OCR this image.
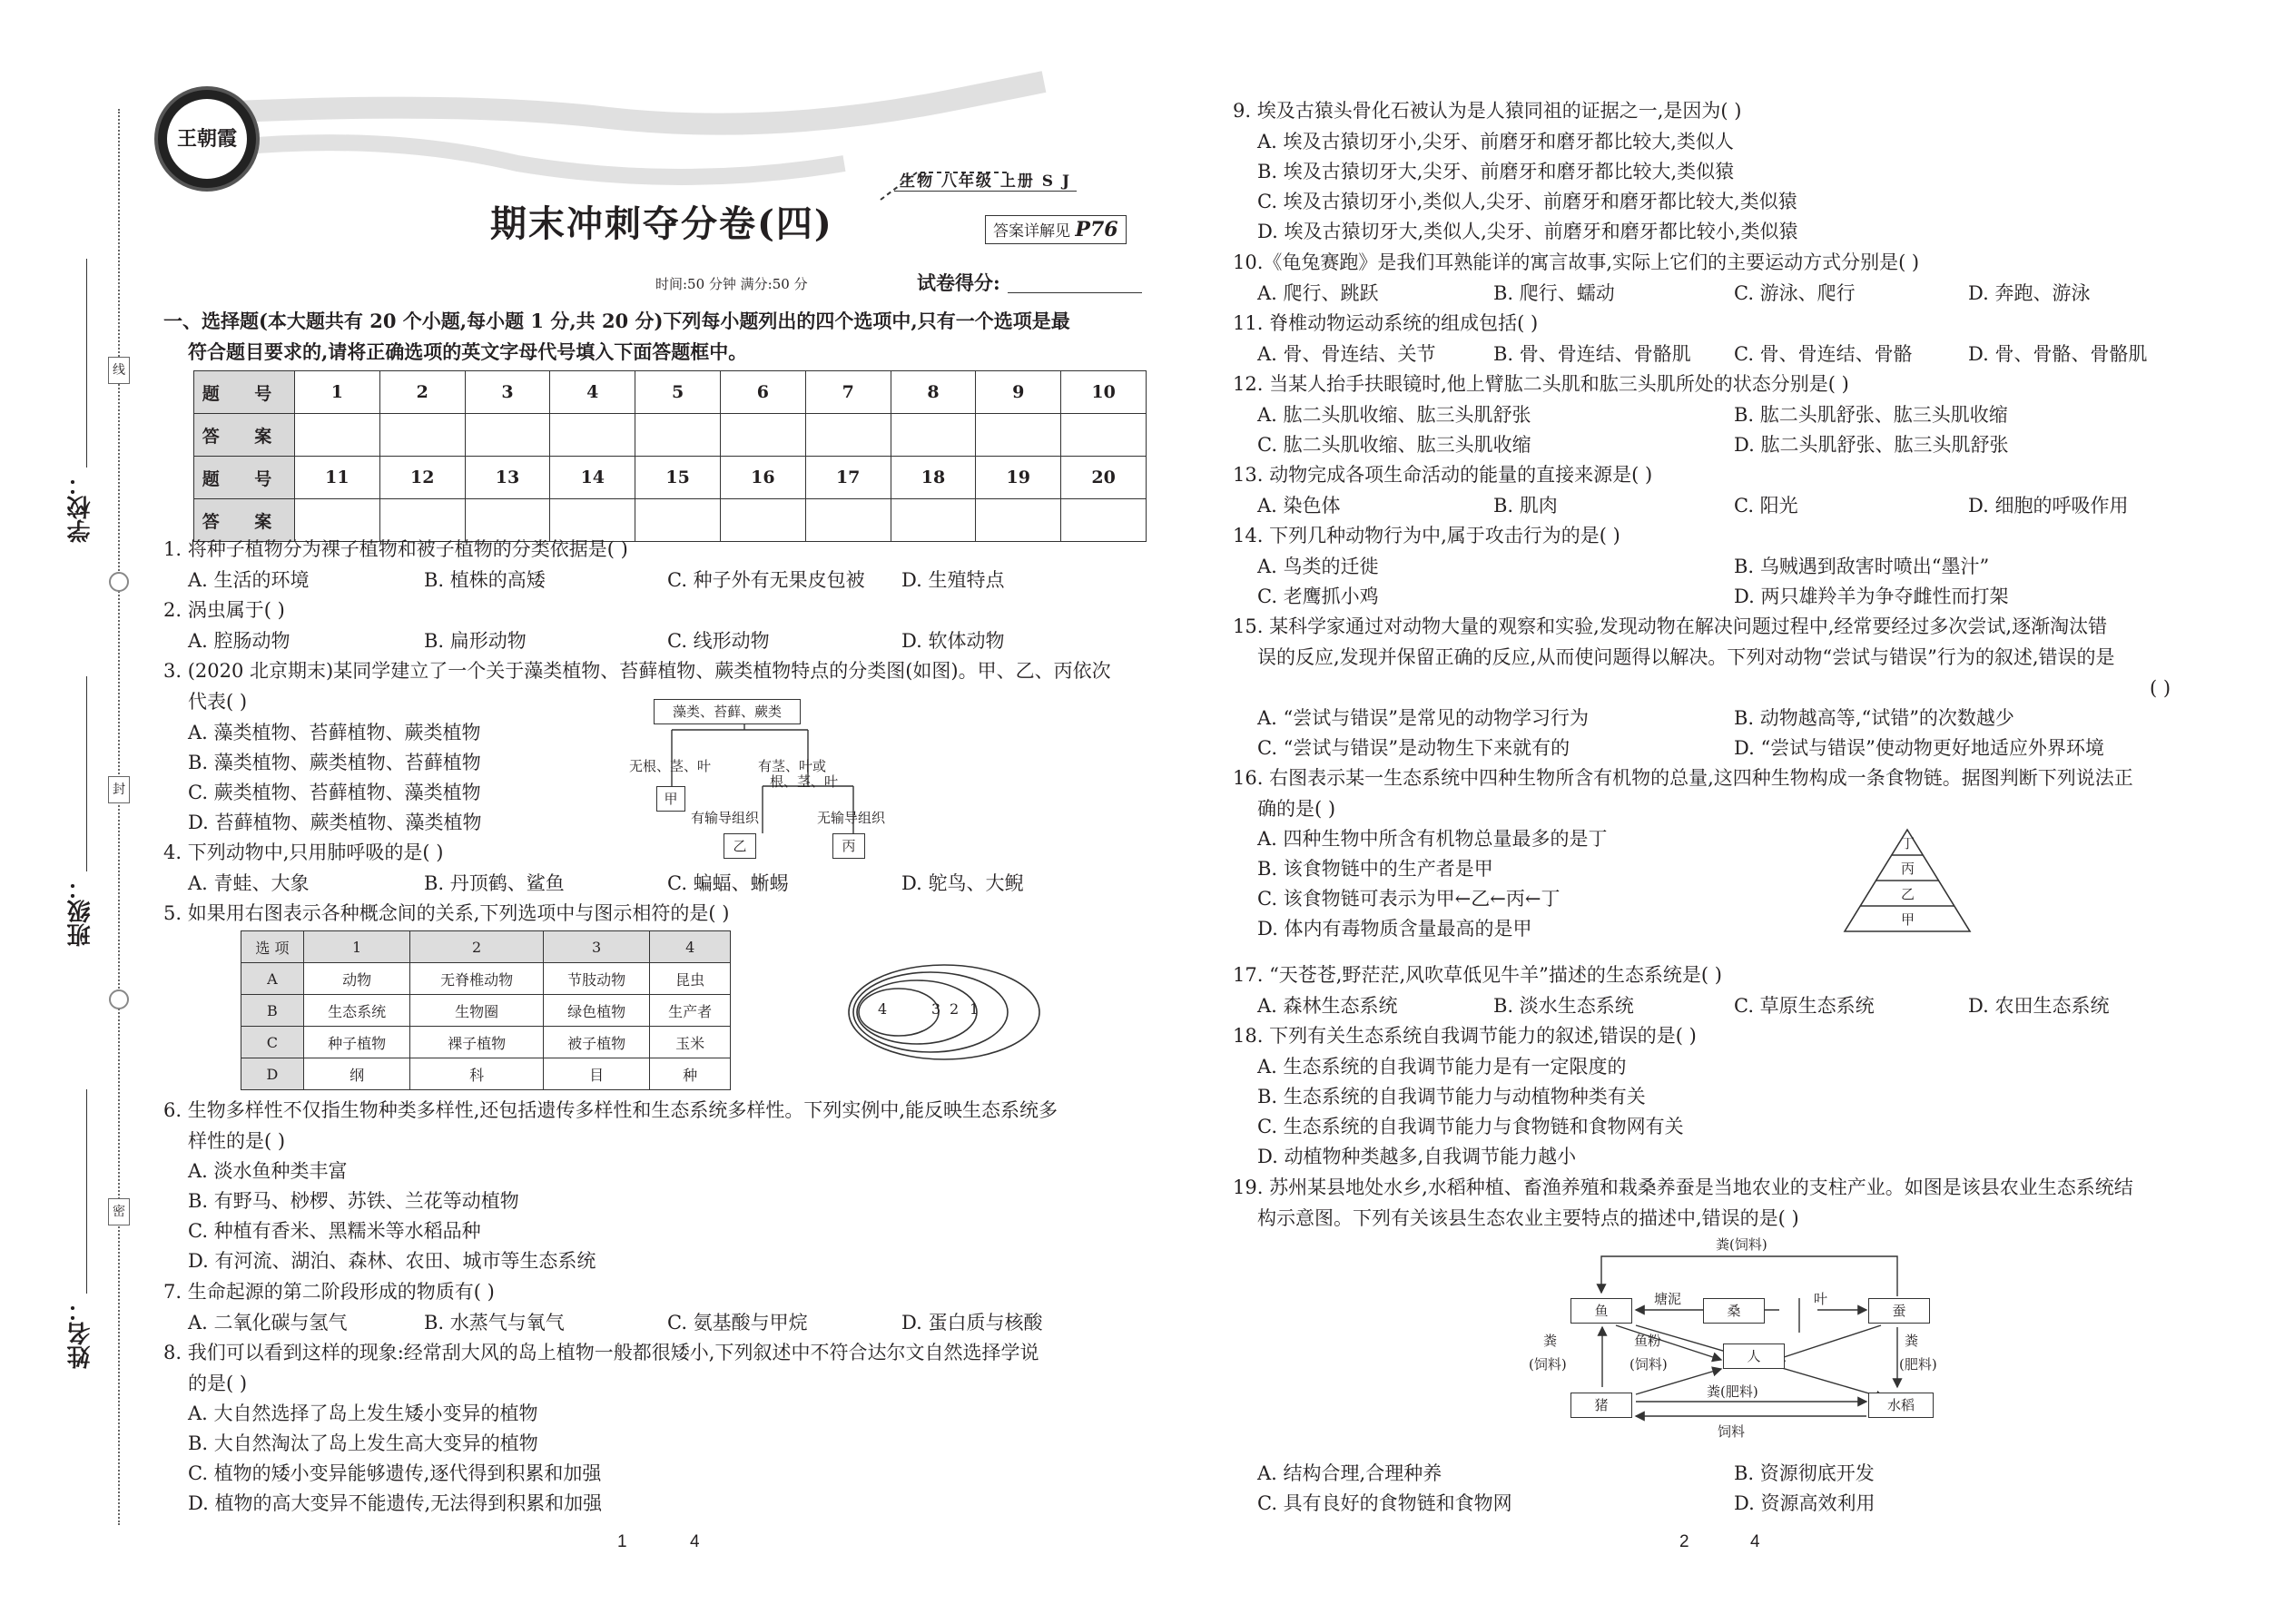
线
封
密
学校：
班级：
姓名：
王朝霞
生物 八年级 上册 S J
期末冲刺夺分卷(四)	答案详解见 P76
时间:50 分钟 满分:50 分	试卷得分:
一、选择题(本大题共有 20 个小题,每小题 1 分,共 20 分)下列每小题列出的四个选项中,只有一个选项是最
符合题目要求的,请将正确选项的英文字母代号填入下面答题框中。
题 号	1	2	3	4	5	6	7	8	9	10
答 案										
题 号	11	12	13	14	15	16	17	18	19	20
答 案										
1. 将种子植物分为裸子植物和被子植物的分类依据是( )
A. 生活的环境	B. 植株的高矮	C. 种子外有无果皮包被 D. 生殖特点
2. 涡虫属于( )
A. 腔肠动物	B. 扁形动物	C. 线形动物	D. 软体动物
3. (2020 北京期末)某同学建立了一个关于藻类植物、苔藓植物、蕨类植物特点的分类图(如图)。甲、乙、丙依次
代表( )
A. 藻类植物、苔藓植物、蕨类植物
B. 藻类植物、蕨类植物、苔藓植物
C. 蕨类植物、苔藓植物、藻类植物
D. 苔藓植物、蕨类植物、藻类植物
藻类、苔藓、蕨类
无根、茎、叶	有茎、叶或
根、茎、叶
甲
有输导组织	无输导组织
乙	丙
4. 下列动物中,只用肺呼吸的是( )
A. 青蛙、大象	B. 丹顶鹤、鲨鱼	C. 蝙蝠、蜥蜴	D. 鸵鸟、大鲵
5. 如果用右图表示各种概念间的关系,下列选项中与图示相符的是( )
选 项	1	2	3	4
A	动物	无脊椎动物	节肢动物	昆虫
B	生态系统	生物圈	绿色植物	生产者
C	种子植物	裸子植物	被子植物	玉米
D	纲	科	目	种
4	3 2 1
6. 生物多样性不仅指生物种类多样性,还包括遗传多样性和生态系统多样性。下列实例中,能反映生态系统多
样性的是( )
A. 淡水鱼种类丰富
B. 有野马、桫椤、苏铁、兰花等动植物
C. 种植有香米、黑糯米等水稻品种
D. 有河流、湖泊、森林、农田、城市等生态系统
7. 生命起源的第二阶段形成的物质有( )
A. 二氧化碳与氢气	B. 水蒸气与氧气	C. 氨基酸与甲烷	D. 蛋白质与核酸
8. 我们可以看到这样的现象:经常刮大风的岛上植物一般都很矮小,下列叙述中不符合达尔文自然选择学说
的是( )
A. 大自然选择了岛上发生矮小变异的植物
B. 大自然淘汰了岛上发生高大变异的植物
C. 植物的矮小变异能够遗传,逐代得到积累和加强
D. 植物的高大变异不能遗传,无法得到积累和加强
9. 埃及古猿头骨化石被认为是人猿同祖的证据之一,是因为( )
A. 埃及古猿切牙小,尖牙、前磨牙和磨牙都比较大,类似人
B. 埃及古猿切牙大,尖牙、前磨牙和磨牙都比较大,类似猿
C. 埃及古猿切牙小,类似人,尖牙、前磨牙和磨牙都比较大,类似猿
D. 埃及古猿切牙大,类似人,尖牙、前磨牙和磨牙都比较小,类似猿
10.《龟兔赛跑》是我们耳熟能详的寓言故事,实际上它们的主要运动方式分别是( )
A. 爬行、跳跃	B. 爬行、蠕动	C. 游泳、爬行	D. 奔跑、游泳
11. 脊椎动物运动系统的组成包括( )
A. 骨、骨连结、关节	B. 骨、骨连结、骨骼肌 C. 骨、骨连结、骨骼	D. 骨、骨骼、骨骼肌
12. 当某人抬手扶眼镜时,他上臂肱二头肌和肱三头肌所处的状态分别是( )
A. 肱二头肌收缩、肱三头肌舒张	B. 肱二头肌舒张、肱三头肌收缩
C. 肱二头肌收缩、肱三头肌收缩	D. 肱二头肌舒张、肱三头肌舒张
13. 动物完成各项生命活动的能量的直接来源是( )
A. 染色体	B. 肌肉	C. 阳光	D. 细胞的呼吸作用
14. 下列几种动物行为中,属于攻击行为的是( )
A. 鸟类的迁徙	B. 乌贼遇到敌害时喷出“墨汁”
C. 老鹰抓小鸡	D. 两只雄羚羊为争夺雌性而打架
15. 某科学家通过对动物大量的观察和实验,发现动物在解决问题过程中,经常要经过多次尝试,逐渐淘汰错
误的反应,发现并保留正确的反应,从而使问题得以解决。下列对动物“尝试与错误”行为的叙述,错误的是
( )
A. “尝试与错误”是常见的动物学习行为	B. 动物越高等,“试错”的次数越少
C. “尝试与错误”是动物生下来就有的	D. “尝试与错误”使动物更好地适应外界环境
16. 右图表示某一生态系统中四种生物所含有机物的总量,这四种生物构成一条食物链。据图判断下列说法正
确的是( )
A. 四种生物中所含有机物总量最多的是丁
B. 该食物链中的生产者是甲
C. 该食物链可表示为甲←乙←丙←丁
D. 体内有毒物质含量最高的是甲
丁
丙
乙
甲
17. “天苍苍,野茫茫,风吹草低见牛羊”描述的生态系统是( )
A. 森林生态系统	B. 淡水生态系统	C. 草原生态系统	D. 农田生态系统
18. 下列有关生态系统自我调节能力的叙述,错误的是( )
A. 生态系统的自我调节能力是有一定限度的
B. 生态系统的自我调节能力与动植物种类有关
C. 生态系统的自我调节能力与食物链和食物网有关
D. 动植物种类越多,自我调节能力越小
19. 苏州某县地处水乡,水稻种植、畜渔养殖和栽桑养蚕是当地农业的支柱产业。如图是该县农业生态系统结
构示意图。下列有关该县生态农业主要特点的描述中,错误的是( )
鱼	桑	蚕
人
猪	水稻
粪(饲料)
塘泥	叶
鱼粉
(饲料)
粪
(饲料)
粪
(肥料)
粪(肥料)
饲料
A. 结构合理,合理种养	B. 资源彻底开发
C. 具有良好的食物链和食物网	D. 资源高效利用
1	4	2	4
